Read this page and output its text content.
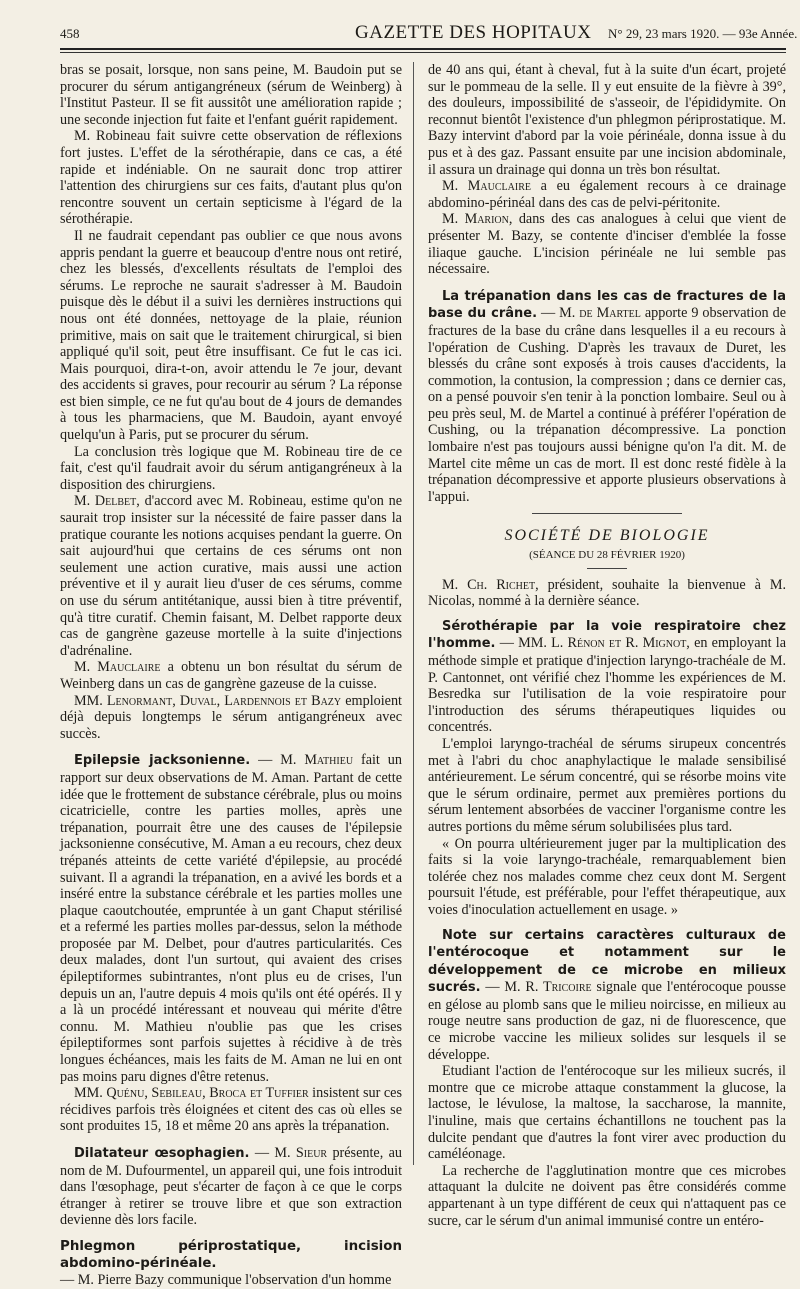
458	GAZETTE DES HOPITAUX N° 29, 23 mars 1920. — 93e Année.

bras se posait, lorsque, non sans peine, M. Baudoin put se procurer du sérum antigangréneux (sérum de Weinberg) à l'Institut Pasteur. Il se fit aussitôt une amélioration rapide ; une seconde injection fut faite et l'enfant guérit rapidement.

M. Robineau fait suivre cette observation de réflexions fort justes. L'effet de la sérothérapie, dans ce cas, a été rapide et indéniable. On ne saurait donc trop attirer l'attention des chirurgiens sur ces faits, d'autant plus qu'on rencontre souvent un certain septicisme à l'égard de la sérothérapie.

Il ne faudrait cependant pas oublier ce que nous avons appris pendant la guerre et beaucoup d'entre nous ont retiré, chez les blessés, d'excellents résultats de l'emploi des sérums. Le reproche ne saurait s'adresser à M. Baudoin puisque dès le début il a suivi les dernières instructions qui nous ont été données, nettoyage de la plaie, réunion primitive, mais on sait que le traitement chirurgical, si bien appliqué qu'il soit, peut être insuffisant. Ce fut le cas ici. Mais pourquoi, dira-t-on, avoir attendu le 7e jour, devant des accidents si graves, pour recourir au sérum ? La réponse est bien simple, ce ne fut qu'au bout de 4 jours de demandes à tous les pharmaciens, que M. Baudoin, ayant envoyé quelqu'un à Paris, put se procurer du sérum.

La conclusion très logique que M. Robineau tire de ce fait, c'est qu'il faudrait avoir du sérum antigangréneux à la disposition des chirurgiens.

M. Delbet, d'accord avec M. Robineau, estime qu'on ne saurait trop insister sur la nécessité de faire passer dans la pratique courante les notions acquises pendant la guerre. On sait aujourd'hui que certains de ces sérums ont non seulement une action curative, mais aussi une action préventive et il y aurait lieu d'user de ces sérums, comme on use du sérum antitétanique, aussi bien à titre préventif, qu'à titre curatif. Chemin faisant, M. Delbet rapporte deux cas de gangrène gazeuse mortelle à la suite d'injections d'adrénaline.

M. Mauclaire a obtenu un bon résultat du sérum de Weinberg dans un cas de gangrène gazeuse de la cuisse.

MM. Lenormant, Duval, Lardennois et Bazy emploient déjà depuis longtemps le sérum antigangréneux avec succès.

Epilepsie jacksonienne. — M. Mathieu fait un rapport sur deux observations de M. Aman. Partant de cette idée que le frottement de substance cérébrale, plus ou moins cicatricielle, contre les parties molles, après une trépanation, pourrait être une des causes de l'épilepsie jacksonienne consécutive, M. Aman a eu recours, chez deux trépanés atteints de cette variété d'épilepsie, au procédé suivant. Il a agrandi la trépanation, en a avivé les bords et a inséré entre la substance cérébrale et les parties molles une plaque caoutchoutée, empruntée à un gant Chaput stérilisé et a refermé les parties molles par-dessus, selon la méthode proposée par M. Delbet, pour d'autres particularités. Ces deux malades, dont l'un surtout, qui avaient des crises épileptiformes subintrantes, n'ont plus eu de crises, l'un depuis un an, l'autre depuis 4 mois qu'ils ont été opérés. Il y a là un procédé intéressant et nouveau qui mérite d'être connu. M. Mathieu n'oublie pas que les crises épileptiformes sont parfois sujettes à récidive à de très longues échéances, mais les faits de M. Aman ne lui en ont pas moins paru dignes d'être retenus.

MM. Quénu, Sebileau, Broca et Tuffier insistent sur ces récidives parfois très éloignées et citent des cas où elles se sont produites 15, 18 et même 20 ans après la trépanation.

Dilatateur œsophagien. — M. Sieur présente, au nom de M. Dufourmentel, un appareil qui, une fois introduit dans l'œsophage, peut s'écarter de façon à ce que le corps étranger à retirer se trouve libre et que son extraction devienne dès lors facile.

Phlegmon périprostatique, incision abdomino-périnéale.

— M. Pierre Bazy communique l'observation d'un homme

de 40 ans qui, étant à cheval, fut à la suite d'un écart, projeté sur le pommeau de la selle. Il y eut ensuite de la fièvre à 39°, des douleurs, impossibilité de s'asseoir, de l'épididymite. On reconnut bientôt l'existence d'un phlegmon périprostatique. M. Bazy intervint d'abord par la voie périnéale, donna issue à du pus et à des gaz. Passant ensuite par une incision abdominale, il assura un drainage qui donna un très bon résultat.

M. Mauclaire a eu également recours à ce drainage abdomino-périnéal dans des cas de pelvi-péritonite.

M. Marion, dans des cas analogues à celui que vient de présenter M. Bazy, se contente d'inciser d'emblée la fosse iliaque gauche. L'incision périnéale ne lui semble pas nécessaire.

La trépanation dans les cas de fractures de la base du crâne. — M. de Martel apporte 9 observation de fractures de la base du crâne dans lesquelles il a eu recours à l'opération de Cushing. D'après les travaux de Duret, les blessés du crâne sont exposés à trois causes d'accidents, la commotion, la contusion, la compression ; dans ce dernier cas, on a pensé pouvoir s'en tenir à la ponction lombaire. Seul ou à peu près seul, M. de Martel a continué à préférer l'opération de Cushing, ou la trépanation décompressive. La ponction lombaire n'est pas toujours aussi bénigne qu'on l'a dit. M. de Martel cite même un cas de mort. Il est donc resté fidèle à la trépanation décompressive et apporte plusieurs observations à l'appui.

SOCIÉTÉ DE BIOLOGIE
(SÉANCE DU 28 FÉVRIER 1920)

M. Ch. Richet, président, souhaite la bienvenue à M. Nicolas, nommé à la dernière séance.

Sérothérapie par la voie respiratoire chez l'homme. — MM. L. Rénon et R. Mignot, en employant la méthode simple et pratique d'injection laryngo-trachéale de M. P. Cantonnet, ont vérifié chez l'homme les expériences de M. Besredka sur l'utilisation de la voie respiratoire pour l'introduction des sérums thérapeutiques liquides ou concentrés.

L'emploi laryngo-trachéal de sérums sirupeux concentrés met à l'abri du choc anaphylactique le malade sensibilisé antérieurement. Le sérum concentré, qui se résorbe moins vite que le sérum ordinaire, permet aux premières portions du sérum lentement absorbées de vacciner l'organisme contre les autres portions du même sérum solubilisées plus tard.

« On pourra ultérieurement juger par la multiplication des faits si la voie laryngo-trachéale, remarquablement bien tolérée chez nos malades comme chez ceux dont M. Sergent poursuit l'étude, est préférable, pour l'effet thérapeutique, aux voies d'inoculation actuellement en usage. »

Note sur certains caractères culturaux de l'entérocoque et notamment sur le développement de ce microbe en milieux sucrés. — M. R. Tricoire signale que l'entérocoque pousse en gélose au plomb sans que le milieu noircisse, en milieux au rouge neutre sans production de gaz, ni de fluorescence, que ce microbe vaccine les milieux solides sur lesquels il se développe.

Etudiant l'action de l'entérocoque sur les milieux sucrés, il montre que ce microbe attaque constamment la glucose, la lactose, le lévulose, la maltose, la saccharose, la mannite, l'inuline, mais que certains échantillons ne touchent pas la dulcite pendant que d'autres la font virer avec production du caméléonage.

La recherche de l'agglutination montre que ces microbes attaquant la dulcite ne doivent pas être considérés comme appartenant à un type différent de ceux qui n'attaquent pas ce sucre, car le sérum d'un animal immunisé contre un entéro-
